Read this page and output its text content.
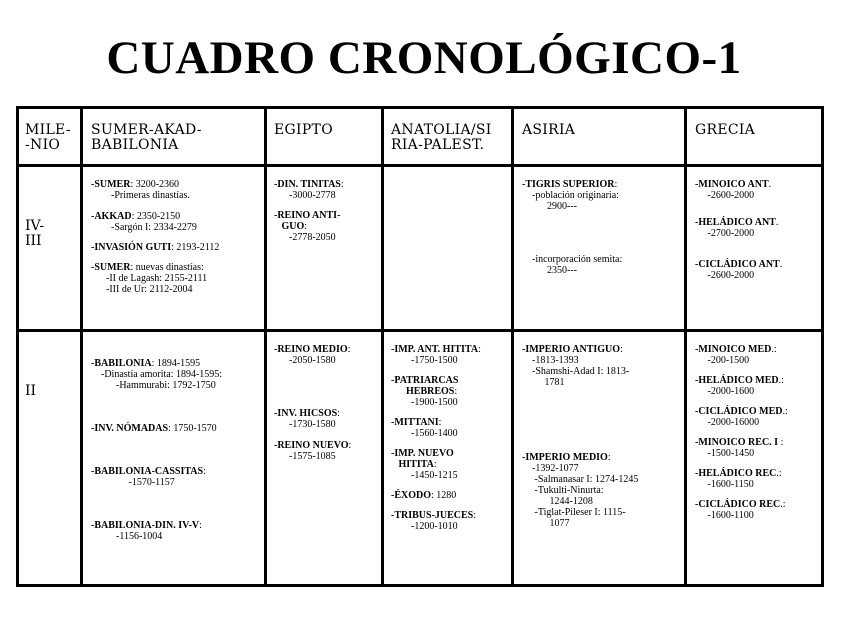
CUADRO CRONOLÓGICO-1
MILE-
-NIO
SUMER-AKAD-
BABILONIA
EGIPTO	ANATOLIA/SI
RIA-PALEST.
ASIRIA	GRECIA
IV-
III
II
-SUMER: 3200-2360
-Primeras dinastías.
-AKKAD: 2350-2150
-Sargón I: 2334-2279
-INVASIÓN GUTI: 2193-2112
-SUMER: nuevas dinastías:
-II de Lagash: 2155-2111
-III de Ur: 2112-2004
-DIN. TINITAS:
-3000-2778
-REINO ANTI-
GUO:
-2778-2050
-TIGRIS SUPERIOR:
-población originaria:
2900---
-incorporación semita:
2350---
-MINOICO ANT.
-2600-2000
-HELÁDICO ANT.
-2700-2000
-CICLÁDICO ANT.
-2600-2000
-BABILONIA: 1894-1595
-Dinastía amorita: 1894-1595:
-Hammurabi: 1792-1750
-INV. NÓMADAS: 1750-1570
-BABILONIA-CASSITAS:
-1570-1157
-BABILONIA-DIN. IV-V:
-1156-1004
-REINO MEDIO:
-2050-1580
-INV. HICSOS:
-1730-1580
-REINO NUEVO:
-1575-1085
-IMP. ANT. HITITA:
-1750-1500
-PATRIARCAS
HEBREOS:
-1900-1500
-MITTANI:
-1560-1400
-IMP. NUEVO
HITITA:
-1450-1215
-ÉXODO: 1280
-TRIBUS-JUECES:
-1200-1010
-IMPERIO ANTIGUO:
-1813-1393
-Shamshi-Adad I: 1813-
1781
-IMPERIO MEDIO:
-1392-1077
-Salmanasar I: 1274-1245
-Tukulti-Ninurta:
1244-1208
-Tiglat-Pileser I: 1115-
1077
-MINOICO MED.:
-200-1500
-HELÁDICO MED.:
-2000-1600
-CICLÁDICO MED.:
-2000-16000
-MINOICO REC. I :
-1500-1450
-HELÁDICO REC.:
-1600-1150
-CICLÁDICO REC.:
-1600-1100
